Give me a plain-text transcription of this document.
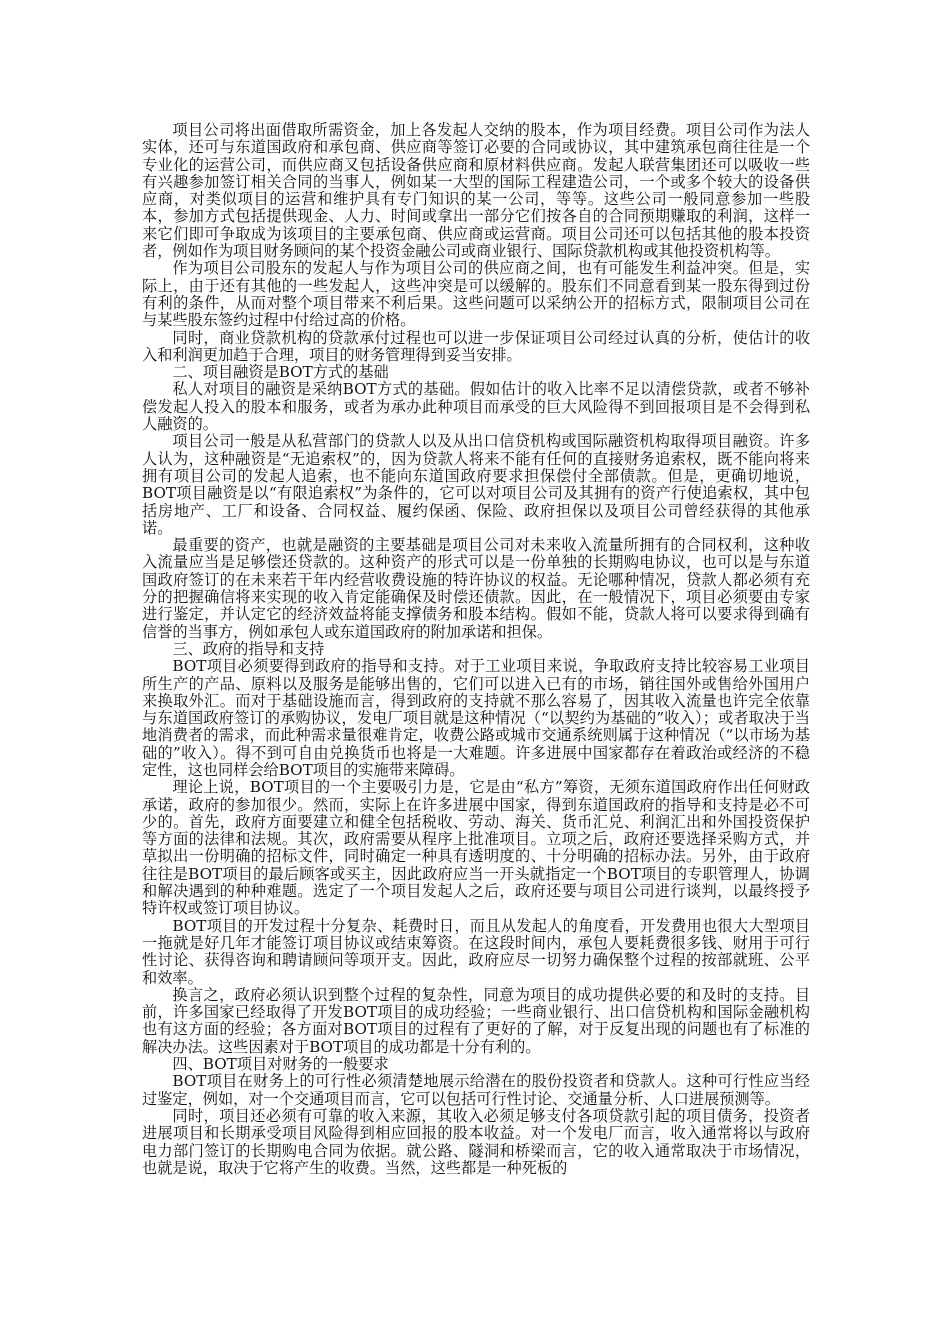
项目公司将出面借取所需资金，加上各发起人交纳的股本，作为项目经费。项目公司作为法人实体，还可与东道国政府和承包商、供应商等签订必要的合同或协议，其中建筑承包商往往是一个专业化的运营公司，而供应商又包括设备供应商和原材料供应商。发起人联营集团还可以吸收一些有兴趣参加签订相关合同的当事人，例如某一大型的国际工程建造公司，一个或多个较大的设备供应商，对类似项目的运营和维护具有专门知识的某一公司，等等。这些公司一般同意参加一些股本，参加方式包括提供现金、人力、时间或拿出一部分它们按各自的合同预期赚取的利润，这样一来它们即可争取成为该项目的主要承包商、供应商或运营商。项目公司还可以包括其他的股本投资者，例如作为项目财务顾问的某个投资金融公司或商业银行、国际贷款机构或其他投资机构等。

作为项目公司股东的发起人与作为项目公司的供应商之间，也有可能发生利益冲突。但是，实际上，由于还有其他的一些发起人，这些冲突是可以缓解的。股东们不同意看到某一股东得到过份有利的条件，从而对整个项目带来不利后果。这些问题可以采纳公开的招标方式，限制项目公司在与某些股东签约过程中付给过高的价格。

同时，商业贷款机构的贷款承付过程也可以进一步保证项目公司经过认真的分析，使估计的收入和利润更加趋于合理，项目的财务管理得到妥当安排。

二、项目融资是BOT方式的基础

私人对项目的融资是采纳BOT方式的基础。假如估计的收入比率不足以清偿贷款，或者不够补偿发起人投入的股本和服务，或者为承办此种项目而承受的巨大风险得不到回报项目是不会得到私人融资的。

项目公司一般是从私营部门的贷款人以及从出口信贷机构或国际融资机构取得项目融资。许多人认为，这种融资是“无追索权”的，因为贷款人将来不能有任何的直接财务追索权，既不能向将来拥有项目公司的发起人追索，也不能向东道国政府要求担保偿付全部债款。但是，更确切地说，BOT项目融资是以“有限追索权”为条件的，它可以对项目公司及其拥有的资产行使追索权，其中包括房地产、工厂和设备、合同权益、履约保函、保险、政府担保以及项目公司曾经获得的其他承诺。

最重要的资产，也就是融资的主要基础是项目公司对未来收入流量所拥有的合同权利，这种收入流量应当是足够偿还贷款的。这种资产的形式可以是一份单独的长期购电协议，也可以是与东道国政府签订的在未来若干年内经营收费设施的特许协议的权益。无论哪种情况，贷款人都必须有充分的把握确信将来实现的收入肯定能确保及时偿还债款。因此，在一般情况下，项目必须要由专家进行鉴定，并认定它的经济效益将能支撑债务和股本结构。假如不能，贷款人将可以要求得到确有信誉的当事方，例如承包人或东道国政府的附加承诺和担保。

三、政府的指导和支持

BOT项目必须要得到政府的指导和支持。对于工业项目来说，争取政府支持比较容易工业项目所生产的产品、原料以及服务是能够出售的，它们可以进入已有的市场，销往国外或售给外国用户来换取外汇。而对于基础设施而言，得到政府的支持就不那么容易了，因其收入流量也许完全依靠与东道国政府签订的承购协议，发电厂项目就是这种情况（“以契约为基础的”收入）；或者取决于当地消费者的需求，而此种需求量很难肯定，收费公路或城市交通系统则属于这种情况（“以市场为基础的”收入）。得不到可自由兑换货币也将是一大难题。许多进展中国家都存在着政治或经济的不稳定性，这也同样会给BOT项目的实施带来障碍。

理论上说，BOT项目的一个主要吸引力是，它是由“私方”筹资，无须东道国政府作出任何财政承诺，政府的参加很少。然而，实际上在许多进展中国家，得到东道国政府的指导和支持是必不可少的。首先，政府方面要建立和健全包括税收、劳动、海关、货币汇兑、利润汇出和外国投资保护等方面的法律和法规。其次，政府需要从程序上批准项目。立项之后，政府还要选择采购方式，并草拟出一份明确的招标文件，同时确定一种具有透明度的、十分明确的招标办法。另外，由于政府往往是BOT项目的最后顾客或买主，因此政府应当一开头就指定一个BOT项目的专职管理人，协调和解决遇到的种种难题。选定了一个项目发起人之后，政府还要与项目公司进行谈判，以最终授予特许权或签订项目协议。

BOT项目的开发过程十分复杂、耗费时日，而且从发起人的角度看，开发费用也很大大型项目一拖就是好几年才能签订项目协议或结束筹资。在这段时间内，承包人要耗费很多钱、财用于可行性讨论、获得咨询和聘请顾问等项开支。因此，政府应尽一切努力确保整个过程的按部就班、公平和效率。

换言之，政府必须认识到整个过程的复杂性，同意为项目的成功提供必要的和及时的支持。目前，许多国家已经取得了开发BOT项目的成功经验；一些商业银行、出口信贷机构和国际金融机构也有这方面的经验；各方面对BOT项目的过程有了更好的了解，对于反复出现的问题也有了标准的解决办法。这些因素对于BOT项目的成功都是十分有利的。

四、BOT项目对财务的一般要求

BOT项目在财务上的可行性必须清楚地展示给潜在的股份投资者和贷款人。这种可行性应当经过鉴定，例如，对一个交通项目而言，它可以包括可行性讨论、交通量分析、人口进展预测等。

同时，项目还必须有可靠的收入来源，其收入必须足够支付各项贷款引起的项目债务，投资者进展项目和长期承受项目风险得到相应回报的股本收益。对一个发电厂而言，收入通常将以与政府电力部门签订的长期购电合同为依据。就公路、隧洞和桥梁而言，它的收入通常取决于市场情况，也就是说，取决于它将产生的收费。当然，这些都是一种死板的
